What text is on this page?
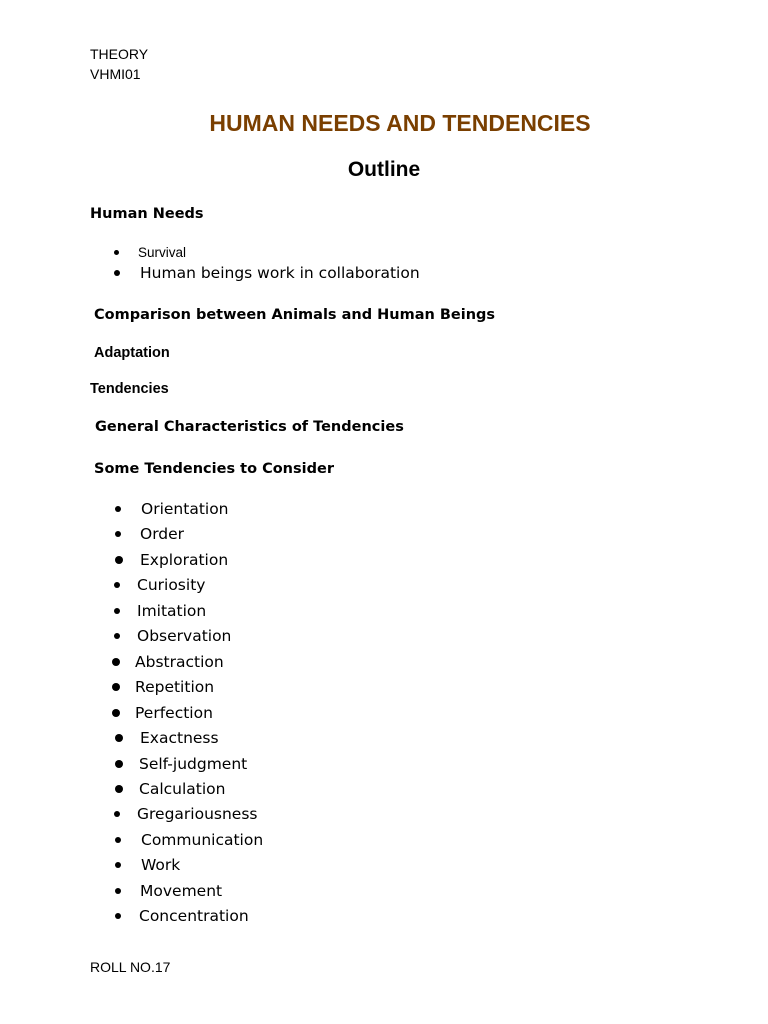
THEORY
VHMI01
HUMAN NEEDS AND TENDENCIES
Outline
Human Needs
Survival
Human beings work in collaboration
Comparison between Animals and Human Beings
Adaptation
Tendencies
General Characteristics of Tendencies
Some Tendencies to Consider
Orientation
Order
Exploration
Curiosity
Imitation
Observation
Abstraction
Repetition
Perfection
Exactness
Self-judgment
Calculation
Gregariousness
Communication
Work
Movement
Concentration
ROLL NO.17
